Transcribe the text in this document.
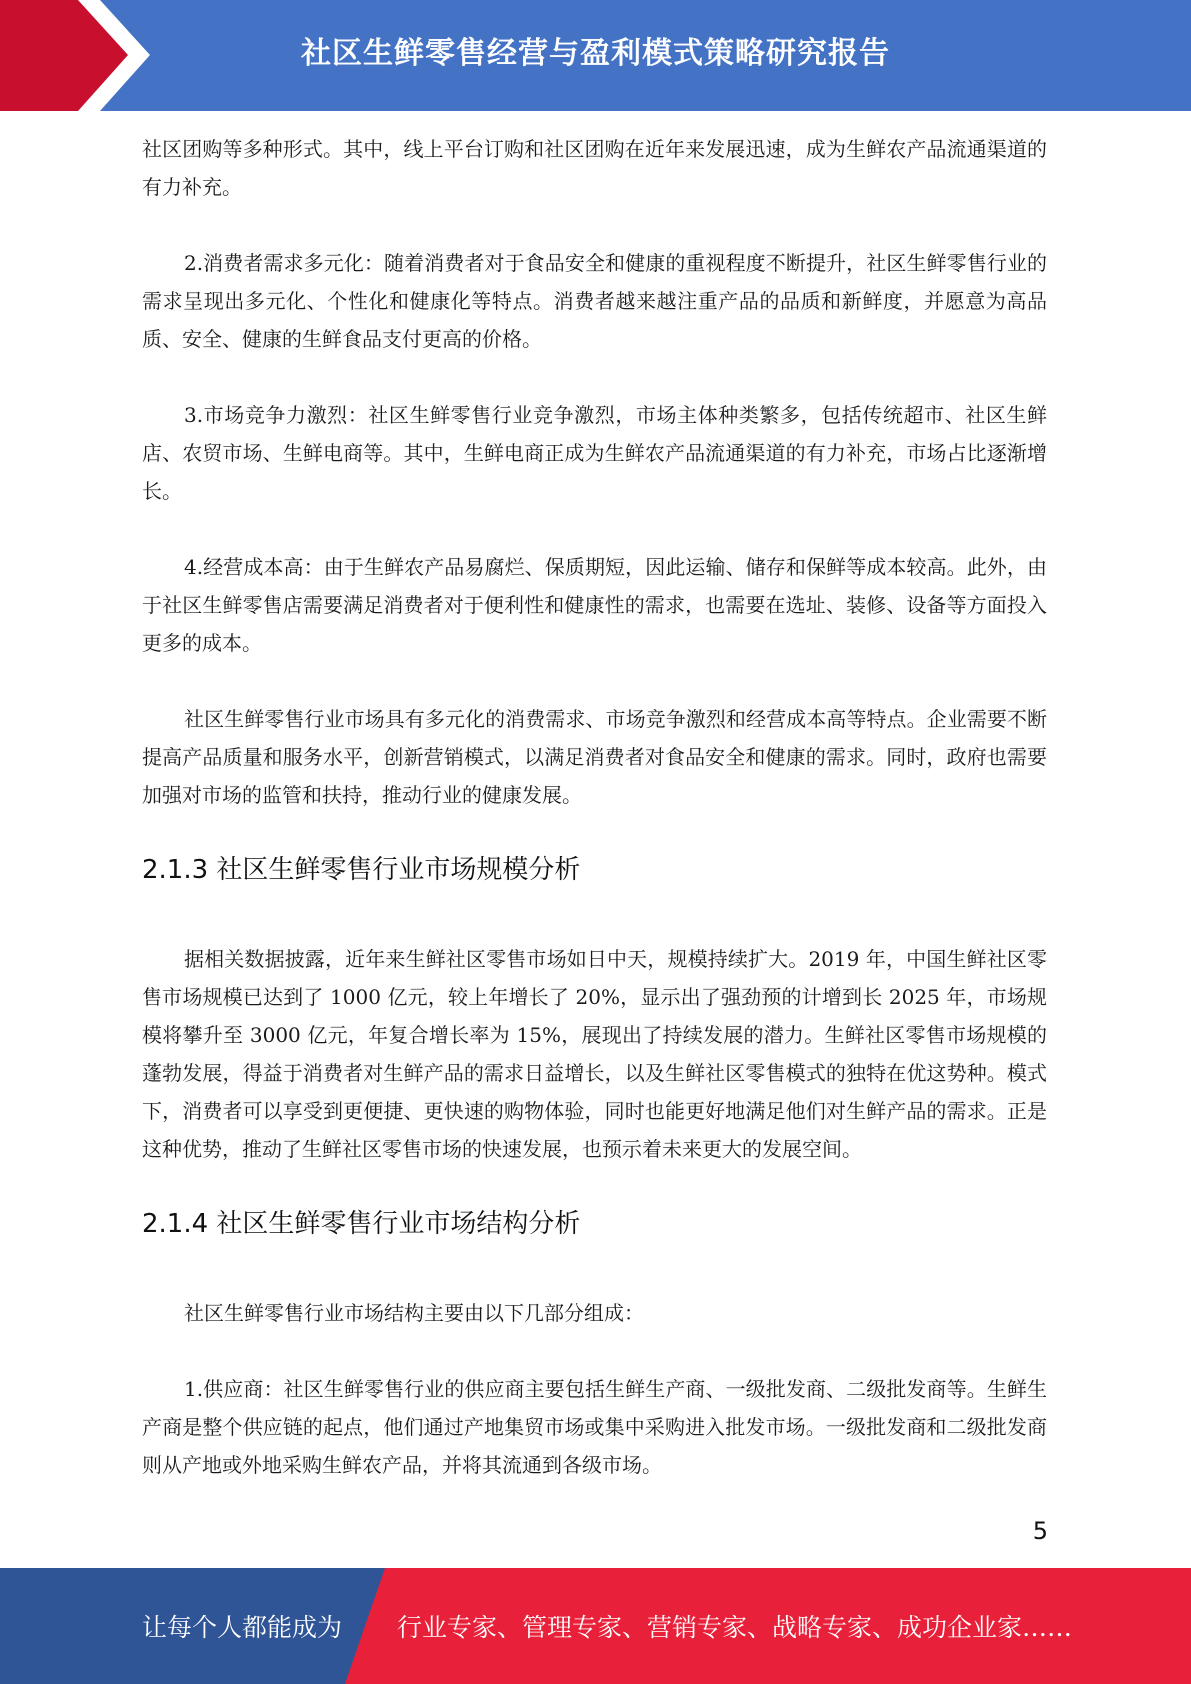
社区生鲜零售经营与盈利模式策略研究报告

社区团购等多种形式。其中，线上平台订购和社区团购在近年来发展迅速，成为生鲜农产品流通渠道的有力补充。

2.消费者需求多元化：随着消费者对于食品安全和健康的重视程度不断提升，社区生鲜零售行业的需求呈现出多元化、个性化和健康化等特点。消费者越来越注重产品的品质和新鲜度，并愿意为高品质、安全、健康的生鲜食品支付更高的价格。

3.市场竞争力激烈：社区生鲜零售行业竞争激烈，市场主体种类繁多，包括传统超市、社区生鲜店、农贸市场、生鲜电商等。其中，生鲜电商正成为生鲜农产品流通渠道的有力补充，市场占比逐渐增长。

4.经营成本高：由于生鲜农产品易腐烂、保质期短，因此运输、储存和保鲜等成本较高。此外，由于社区生鲜零售店需要满足消费者对于便利性和健康性的需求，也需要在选址、装修、设备等方面投入更多的成本。

社区生鲜零售行业市场具有多元化的消费需求、市场竞争激烈和经营成本高等特点。企业需要不断提高产品质量和服务水平，创新营销模式，以满足消费者对食品安全和健康的需求。同时，政府也需要加强对市场的监管和扶持，推动行业的健康发展。

2.1.3 社区生鲜零售行业市场规模分析

据相关数据披露，近年来生鲜社区零售市场如日中天，规模持续扩大。2019 年，中国生鲜社区零售市场规模已达到了 1000 亿元，较上年增长了 20%，显示出了强劲预的计增到长 2025 年，市场规模将攀升至 3000 亿元，年复合增长率为 15%，展现出了持续发展的潜力。生鲜社区零售市场规模的蓬勃发展，得益于消费者对生鲜产品的需求日益增长，以及生鲜社区零售模式的独特在优这势种。模式下，消费者可以享受到更便捷、更快速的购物体验，同时也能更好地满足他们对生鲜产品的需求。正是这种优势，推动了生鲜社区零售市场的快速发展，也预示着未来更大的发展空间。

2.1.4 社区生鲜零售行业市场结构分析

社区生鲜零售行业市场结构主要由以下几部分组成：

1.供应商：社区生鲜零售行业的供应商主要包括生鲜生产商、一级批发商、二级批发商等。生鲜生产商是整个供应链的起点，他们通过产地集贸市场或集中采购进入批发市场。一级批发商和二级批发商则从产地或外地采购生鲜农产品，并将其流通到各级市场。

5
让每个人都能成为 行业专家、管理专家、营销专家、战略专家、成功企业家……
